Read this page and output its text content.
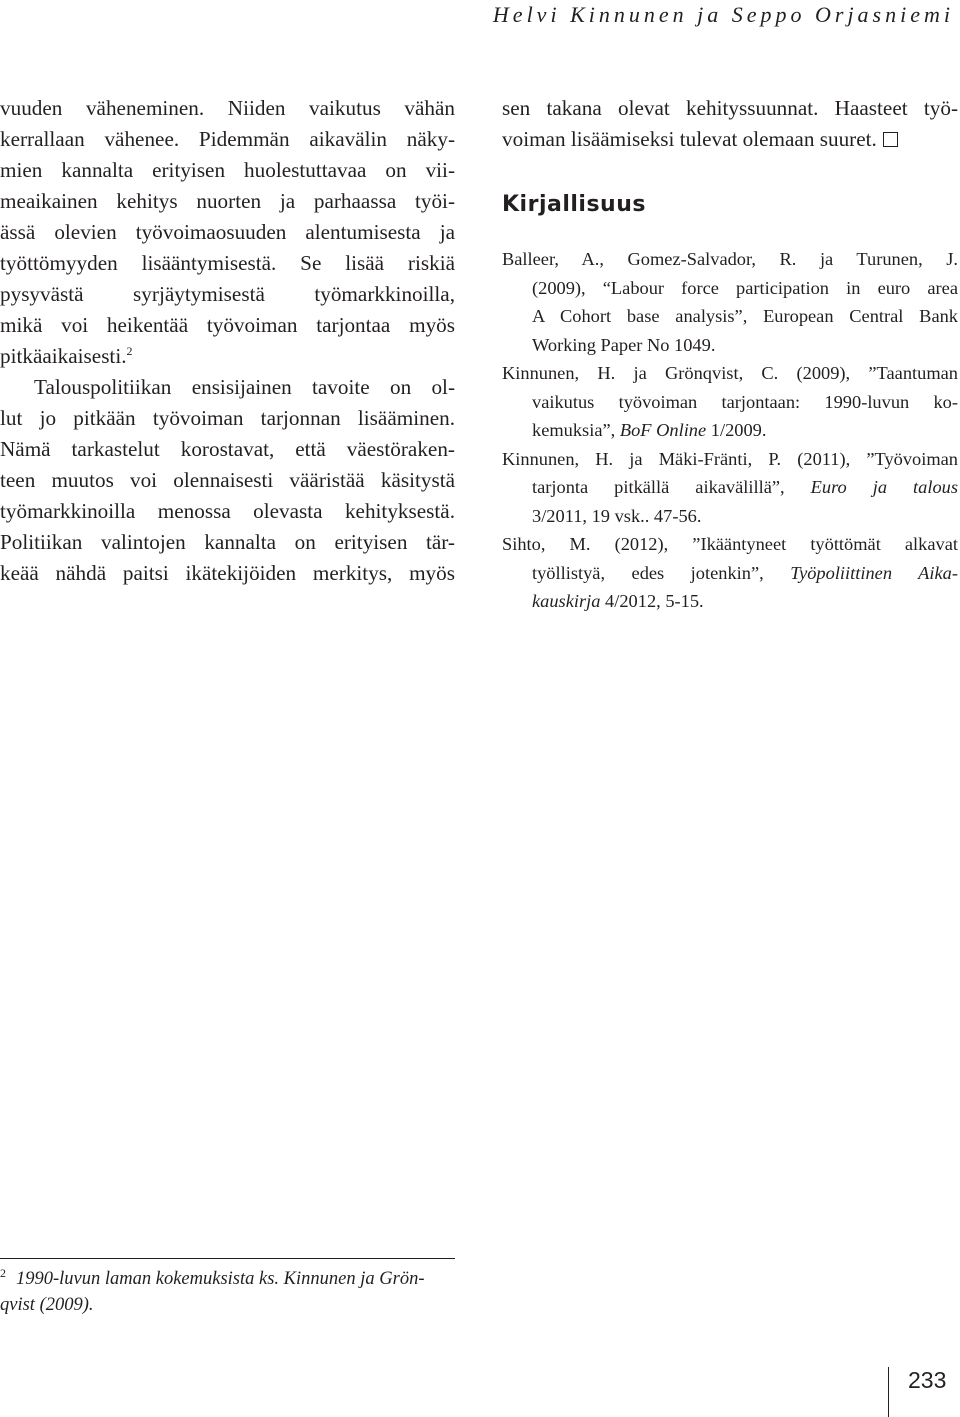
Helvi Kinnunen ja Seppo Orjasniemi
vuuden väheneminen. Niiden vaikutus vähän
kerrallaan vähenee. Pidemmän aikavälin näky-
mien kannalta erityisen huolestuttavaa on vii-
meaikainen kehitys nuorten ja parhaassa työi-
ässä olevien työvoimaosuuden alentumisesta ja
työttömyyden lisääntymisestä. Se lisää riskiä
pysyvästä syrjäytymisestä työmarkkinoilla,
mikä voi heikentää työvoiman tarjontaa myös
pitkäaikaisesti.$^2$
Talouspolitiikan ensisijainen tavoite on ol-
lut jo pitkään työvoiman tarjonnan lisääminen.
Nämä tarkastelut korostavat, että väestöraken-
teen muutos voi olennaisesti vääristää käsitystä
työmarkkinoilla menossa olevasta kehityksestä.
Politiikan valintojen kannalta on erityisen tär-
keää nähdä paitsi ikätekijöiden merkitys, myös
sen takana olevat kehityssuunnat. Haasteet työ-
voiman lisäämiseksi tulevat olemaan suuret.
Kirjallisuus
Balleer, A., Gomez-Salvador, R. ja Turunen, J.
(2009), “Labour force participation in euro area
A Cohort base analysis”, European Central Bank
Working Paper No 1049.
Kinnunen, H. ja Grönqvist, C. (2009), ”Taantuman
vaikutus työvoiman tarjontaan: 1990-luvun ko-
kemuksia”, BoF Online 1/2009.
Kinnunen, H. ja Mäki-Fränti, P. (2011), ”Työvoiman
tarjonta pitkällä aikavälillä”, Euro ja talous
3/2011, 19 vsk.. 47-56.
Sihto, M. (2012), ”Ikääntyneet työttömät alkavat
työllistyä, edes jotenkin”, Työpoliittinen Aika-
kauskirja 4/2012, 5-15.
$^2$ 1990-luvun laman kokemuksista ks. Kinnunen ja Grön-
qvist (2009).
233
